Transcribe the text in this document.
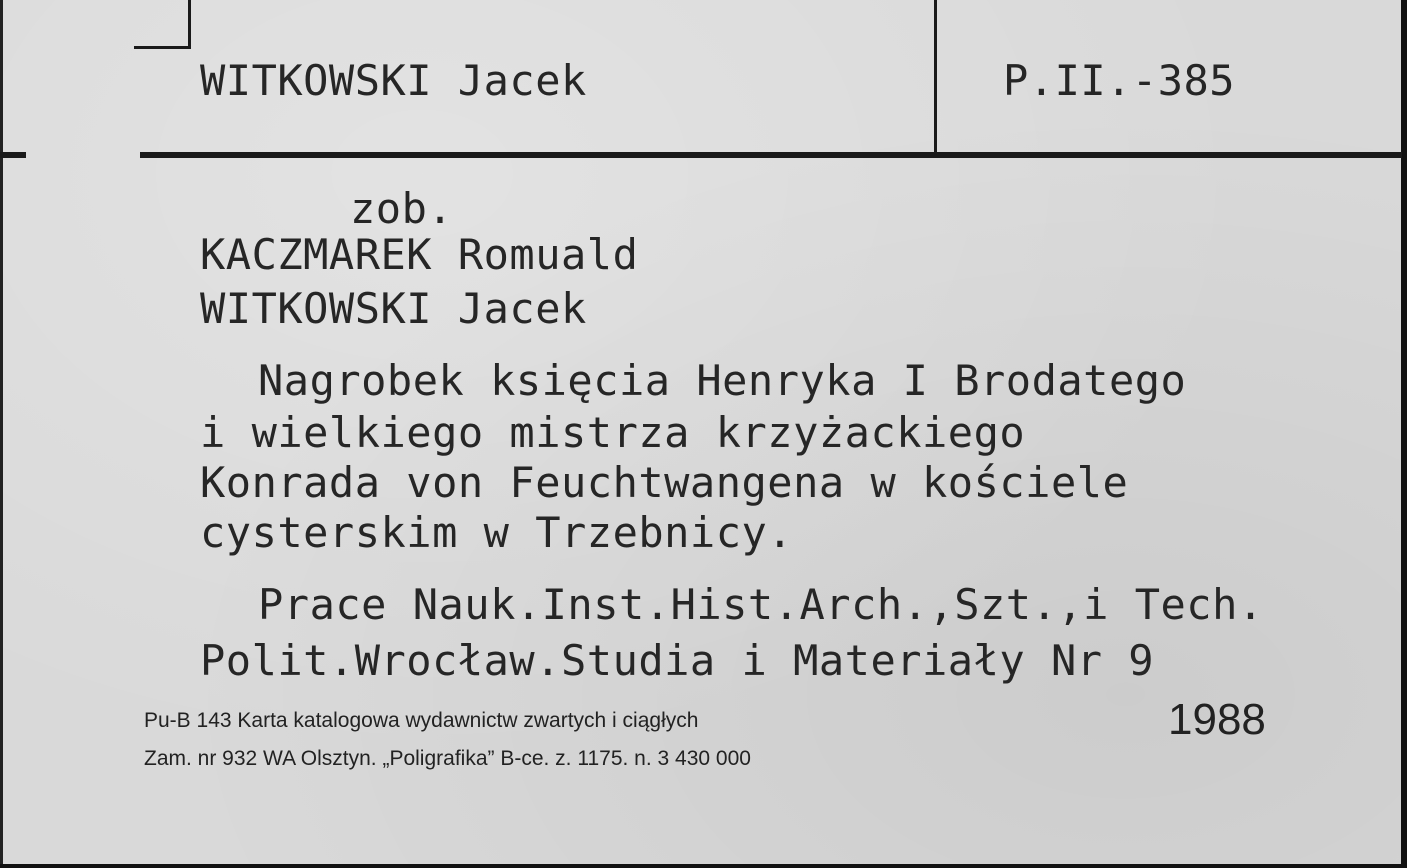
WITKOWSKI Jacek	P.II.-385
zob.
KACZMAREK Romuald
WITKOWSKI Jacek
Nagrobek księcia Henryka I Brodatego
i wielkiego mistrza krzyżackiego
Konrada von Feuchtwangena w kościele
cysterskim w Trzebnicy.
Prace Nauk.Inst.Hist.Arch.,Szt.,i Tech.
Polit.Wrocław.Studia i Materiały Nr 9
Pu-B 143 Karta katalogowa wydawnictw zwartych i ciągłych
Zam. nr 932 WA Olsztyn. „Poligrafika” B-ce. z. 1175. n. 3 430 000
1988
